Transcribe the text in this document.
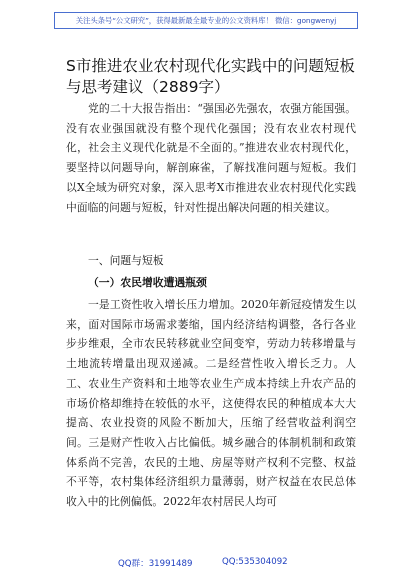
关注头条号“公文研究”，获得最新最全最专业的公文资料库！ 微信：gongwenyj
S市推进农业农村现代化实践中的问题短板与思考建议（2889字）

党的二十大报告指出：“强国必先强农，农强方能国强。没有农业强国就没有整个现代化强国；没有农业农村现代化，社会主义现代化就是不全面的。”推进农业农村现代化，要坚持以问题导向，解剖麻雀，了解找准问题与短板。我们以X全域为研究对象，深入思考X市推进农业农村现代化实践中面临的问题与短板，针对性提出解决问题的相关建议。

一、问题与短板

（一）农民增收遭遇瓶颈

一是工资性收入增长压力增加。2020年新冠疫情发生以来，面对国际市场需求萎缩，国内经济结构调整，各行各业步步维艰，全市农民转移就业空间变窄，劳动力转移增量与土地流转增量出现双递减。二是经营性收入增长乏力。人工、农业生产资料和土地等农业生产成本持续上升农产品的市场价格却维持在较低的水平，这使得农民的种植成本大大提高、农业投资的风险不断加大，压缩了经营收益利润空间。三是财产性收入占比偏低。城乡融合的体制机制和政策体系尚不完善，农民的土地、房屋等财产权利不完整、权益不平等，农村集体经济组织力量薄弱，财产权益在农民总体收入中的比例偏低。2022年农村居民人均可

QQ群：31991489	QQ:535304092
